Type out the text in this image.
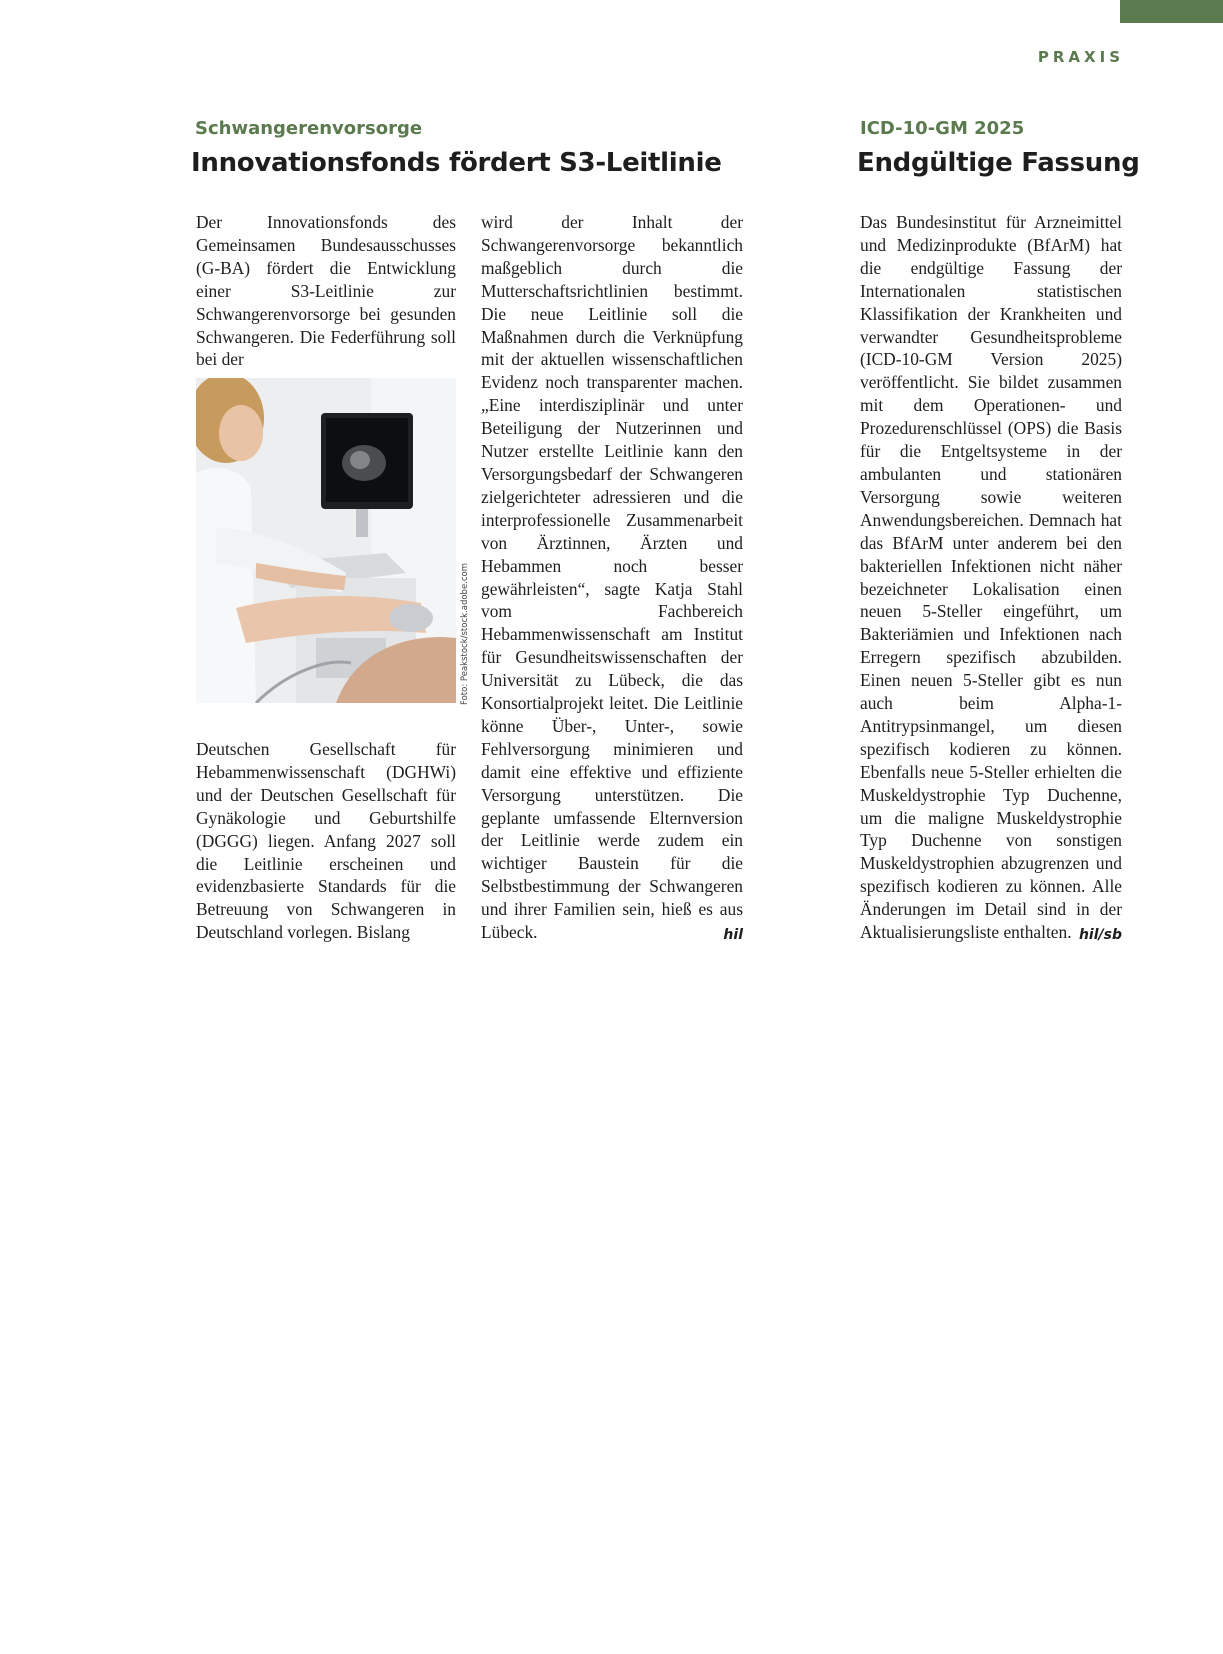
PRAXIS
Schwangerenvorsorge
Innovationsfonds fördert S3-Leitlinie
Der Innovationsfonds des Gemeinsamen Bundesausschusses (G-BA) fördert die Entwicklung einer S3-Leitlinie zur Schwangerenvorsorge bei gesunden Schwangeren. Die Federführung soll bei der
Foto: Peakstock/stock.adobe.com
Deutschen Gesellschaft für Hebammenwissenschaft (DGHWi) und der Deutschen Gesellschaft für Gynäkologie und Geburtshilfe (DGGG) liegen. Anfang 2027 soll die Leitlinie erscheinen und evidenzbasierte Standards für die Betreuung von Schwangeren in Deutschland vorlegen. Bislang
wird der Inhalt der Schwangerenvorsorge bekanntlich maßgeblich durch die Mutterschaftsrichtlinien bestimmt. Die neue Leitlinie soll die Maßnahmen durch die Verknüpfung mit der aktuellen wissenschaftlichen Evidenz noch transparenter machen. „Eine interdisziplinär und unter Beteiligung der Nutzerinnen und Nutzer erstellte Leitlinie kann den Versorgungsbedarf der Schwangeren zielgerichteter adressieren und die interprofessionelle Zusammenarbeit von Ärztinnen, Ärzten und Hebammen noch besser gewährleisten“, sagte Katja Stahl vom Fachbereich Hebammenwissenschaft am Institut für Gesundheitswissenschaften der Universität zu Lübeck, die das Konsortialprojekt leitet. Die Leitlinie könne Über-, Unter-, sowie Fehlversorgung minimieren und damit eine effektive und effiziente Versorgung unterstützen. Die geplante umfassende Elternversion der Leitlinie werde zudem ein wichtiger Baustein für die Selbstbestimmung der Schwangeren und ihrer Familien sein, hieß es aus Lübeck.	hil
ICD-10-GM 2025
Endgültige Fassung
Das Bundesinstitut für Arzneimittel und Medizinprodukte (BfArM) hat die endgültige Fassung der Internationalen statistischen Klassifikation der Krankheiten und verwandter Gesundheitsprobleme (ICD-10-GM Version 2025) veröffentlicht. Sie bildet zusammen mit dem Operationen- und Prozedurenschlüssel (OPS) die Basis für die Entgeltsysteme in der ambulanten und stationären Versorgung sowie weiteren Anwendungsbereichen. Demnach hat das BfArM unter anderem bei den bakteriellen Infektionen nicht näher bezeichneter Lokalisation einen neuen 5-Steller eingeführt, um Bakteriämien und Infektionen nach Erregern spezifisch abzubilden. Einen neuen 5-Steller gibt es nun auch beim Alpha-1-Antitrypsinmangel, um diesen spezifisch kodieren zu können. Ebenfalls neue 5-Steller erhielten die Muskeldystrophie Typ Duchenne, um die maligne Muskeldystrophie Typ Duchenne von sonstigen Muskeldystrophien abzugrenzen und spezifisch kodieren zu können. Alle Änderungen im Detail sind in der Aktualisierungsliste enthalten. hil/sb
